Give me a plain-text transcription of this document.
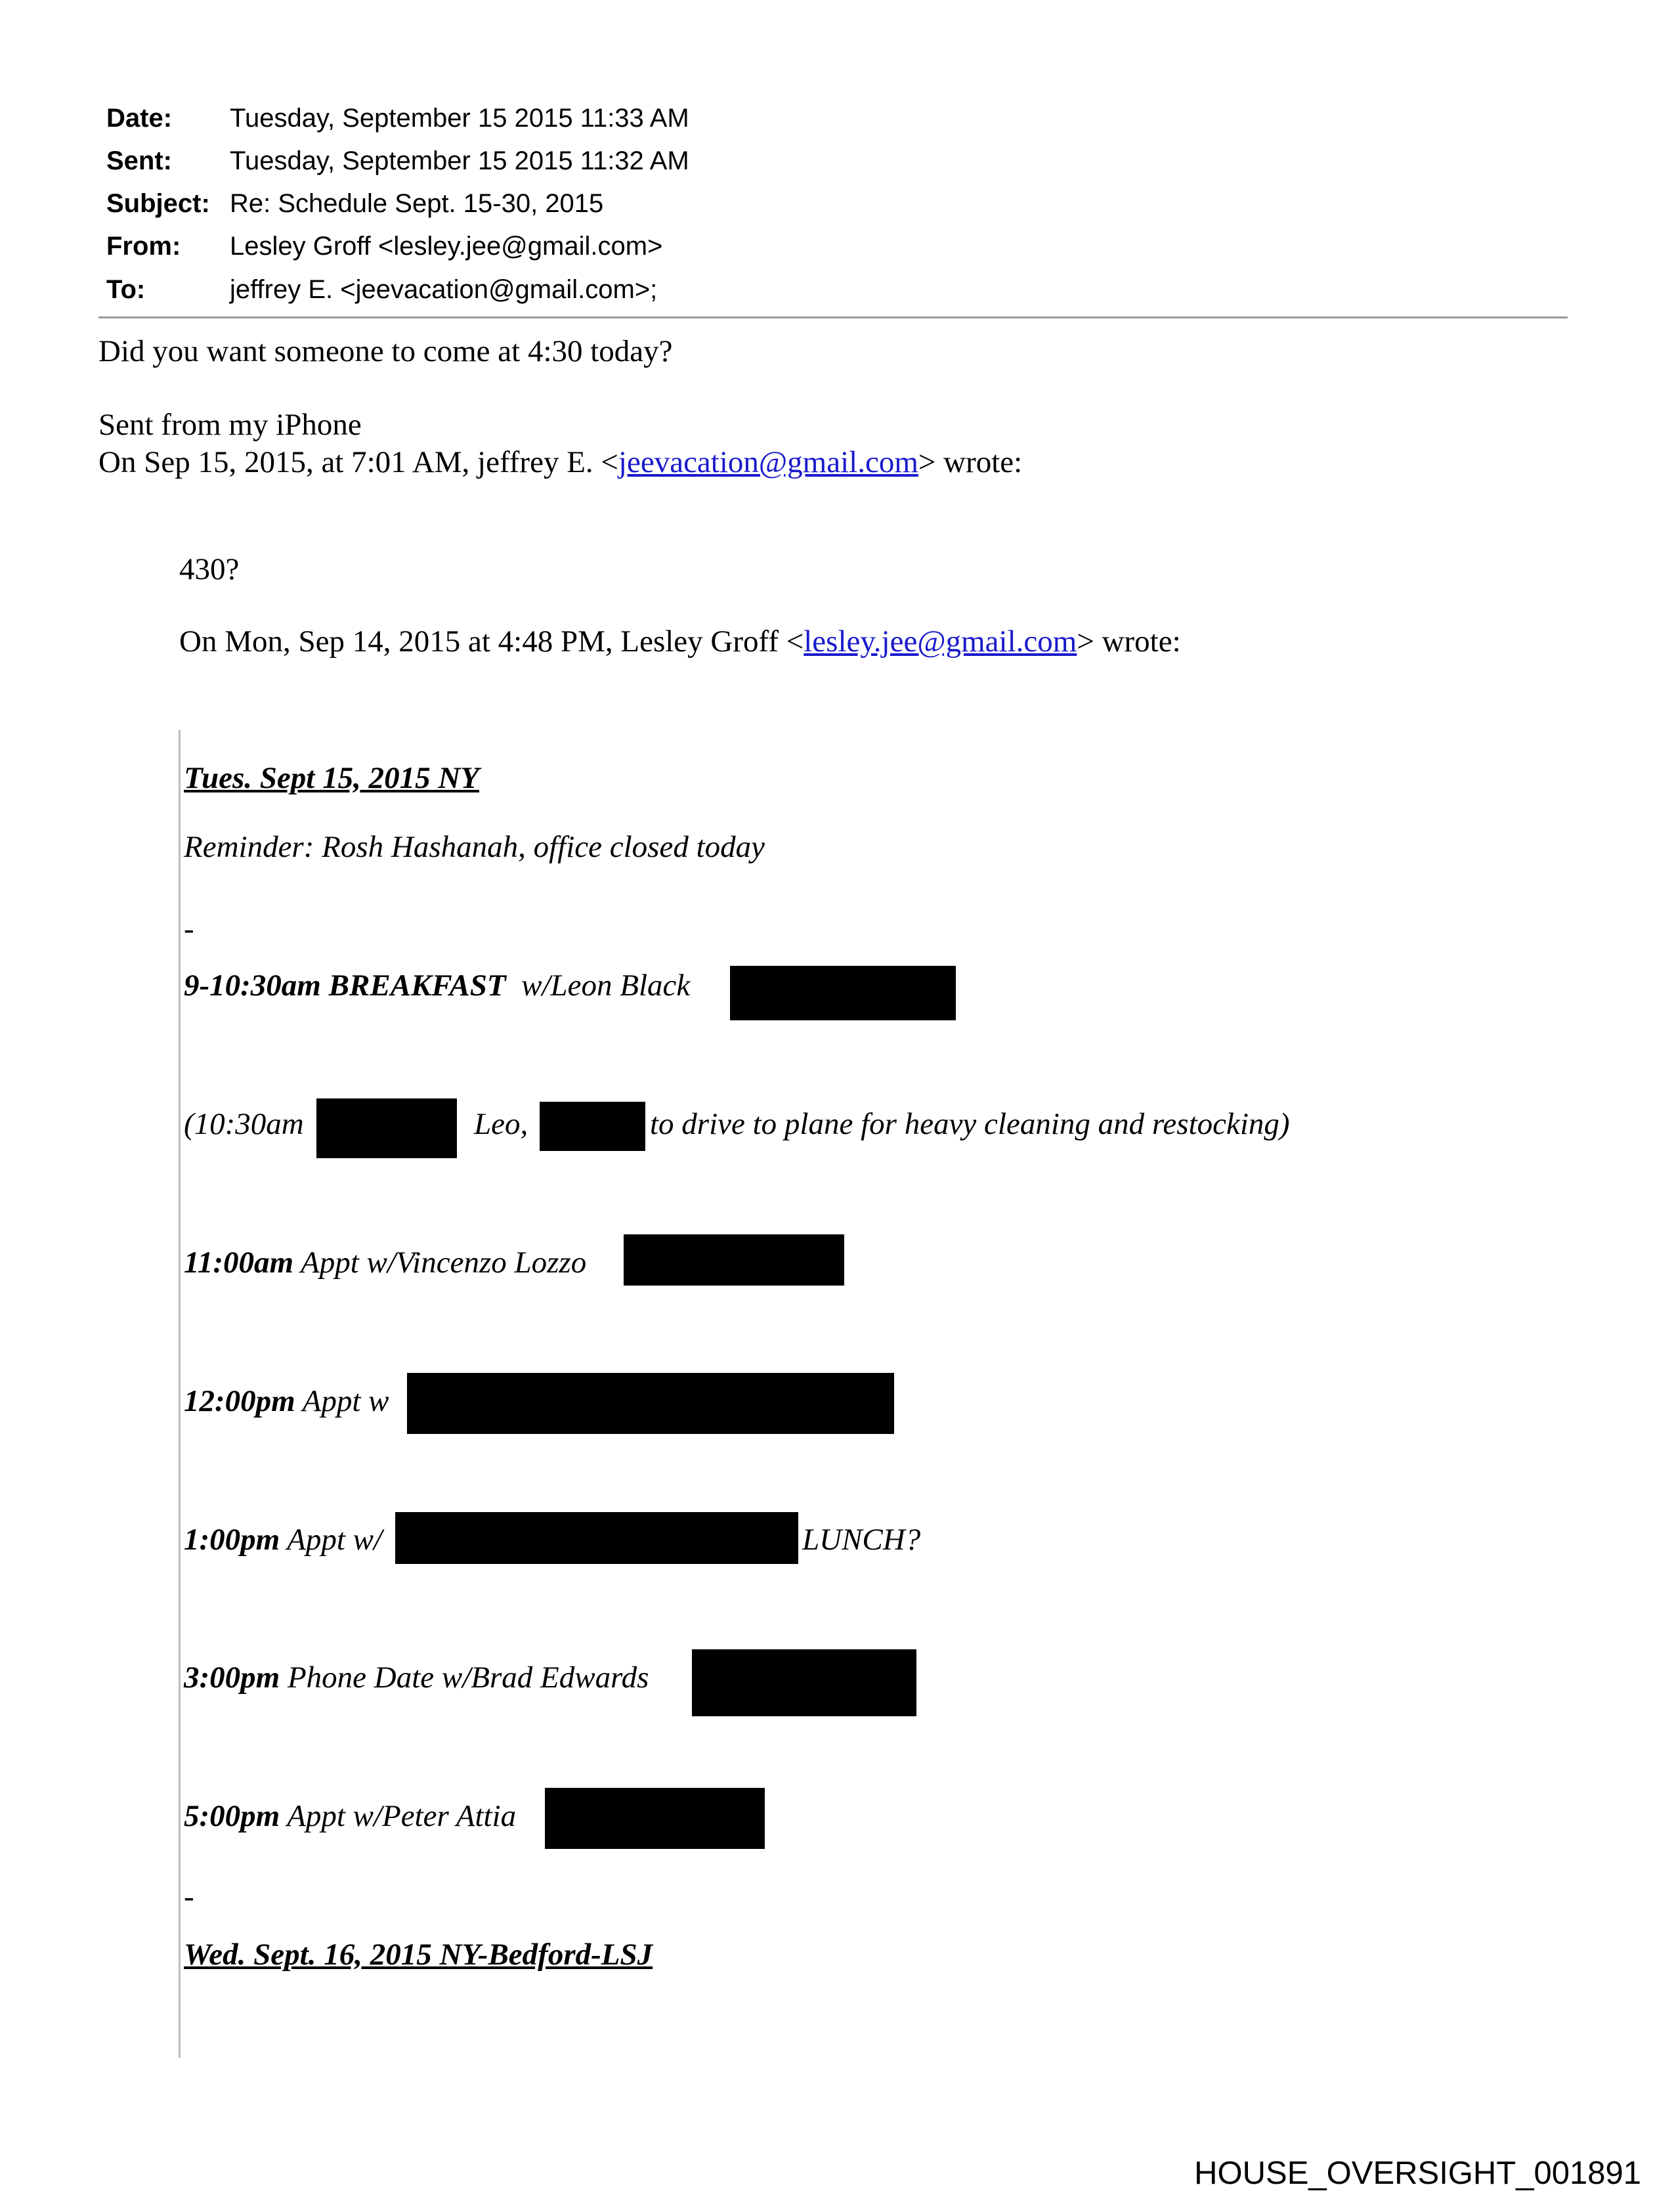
Date: Tuesday, September 15 2015 11:33 AM
Sent: Tuesday, September 15 2015 11:32 AM
Subject: Re: Schedule Sept. 15-30, 2015
From: Lesley Groff <lesley.jee@gmail.com>
To:	jeffrey E. <jeevacation@gmail.com>;
Did you want someone to come at 4:30 today?
Sent from my iPhone
On Sep 15, 2015, at 7:01 AM, jeffrey E. <jeevacation@gmail.com> wrote:
430?
On Mon, Sep 14, 2015 at 4:48 PM, Lesley Groff <lesley.jee@gmail.com> wrote:
Tues. Sept 15, 2015 NY
Reminder: Rosh Hashanah, office closed today
-
9-10:30am BREAKFAST w/Leon Black
(10:30am	Leo,	to drive to plane for heavy cleaning and restocking)
11:00am Appt w/Vincenzo Lozzo
12:00pm Appt w
1:00pm Appt w/	LUNCH?
3:00pm Phone Date w/Brad Edwards
5:00pm Appt w/Peter Attia
-
Wed. Sept. 16, 2015 NY-Bedford-LSJ
HOUSE_OVERSIGHT_001891
